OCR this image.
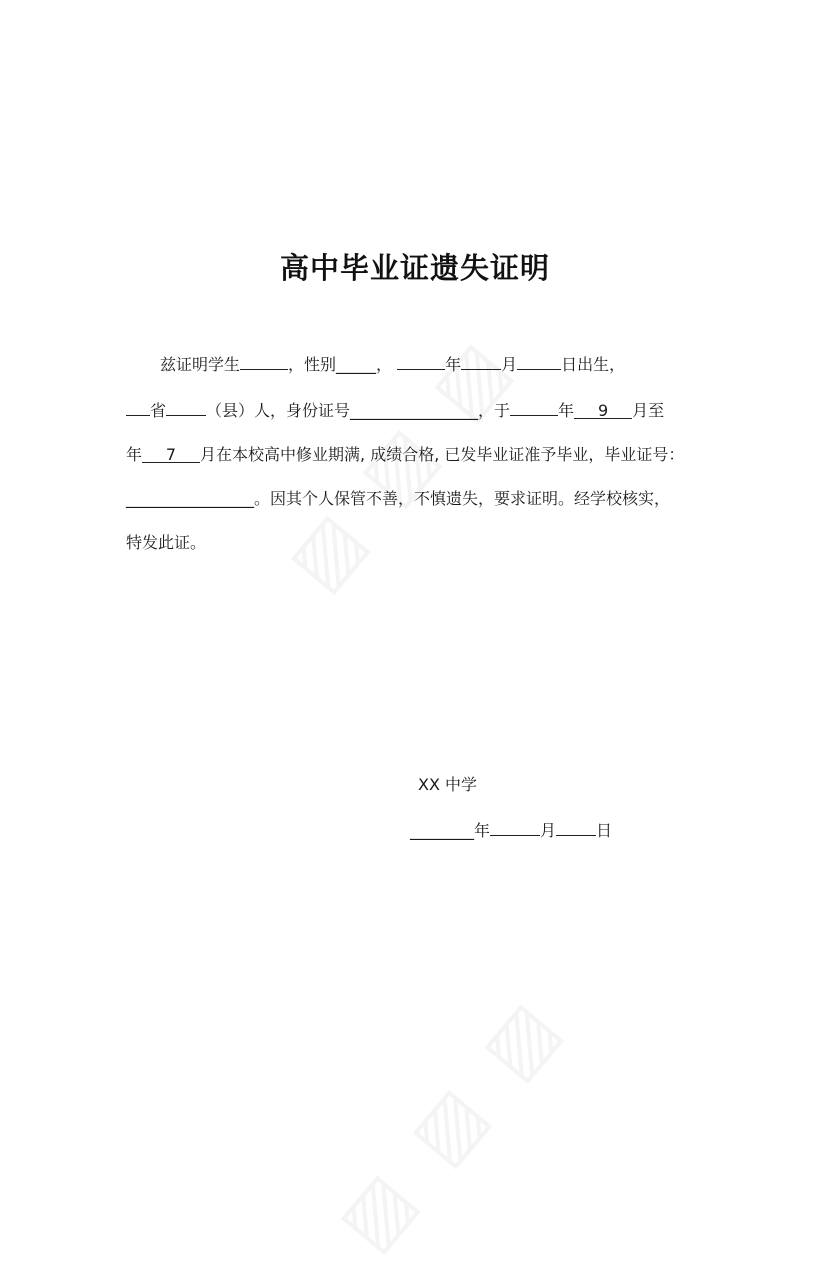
高中毕业证遗失证明
兹证明学生	，性别_____，	年	月	日出生，
省	（县）人，身份证号________________，于	年 9 月至
年 7 月在本校高中修业期满, 成绩合格, 已发毕业证准予毕业，毕业证号：
________________。因其个人保管不善，不慎遗失，要求证明。经学校核实，
特发此证。
XX 中学
________年	月	日
